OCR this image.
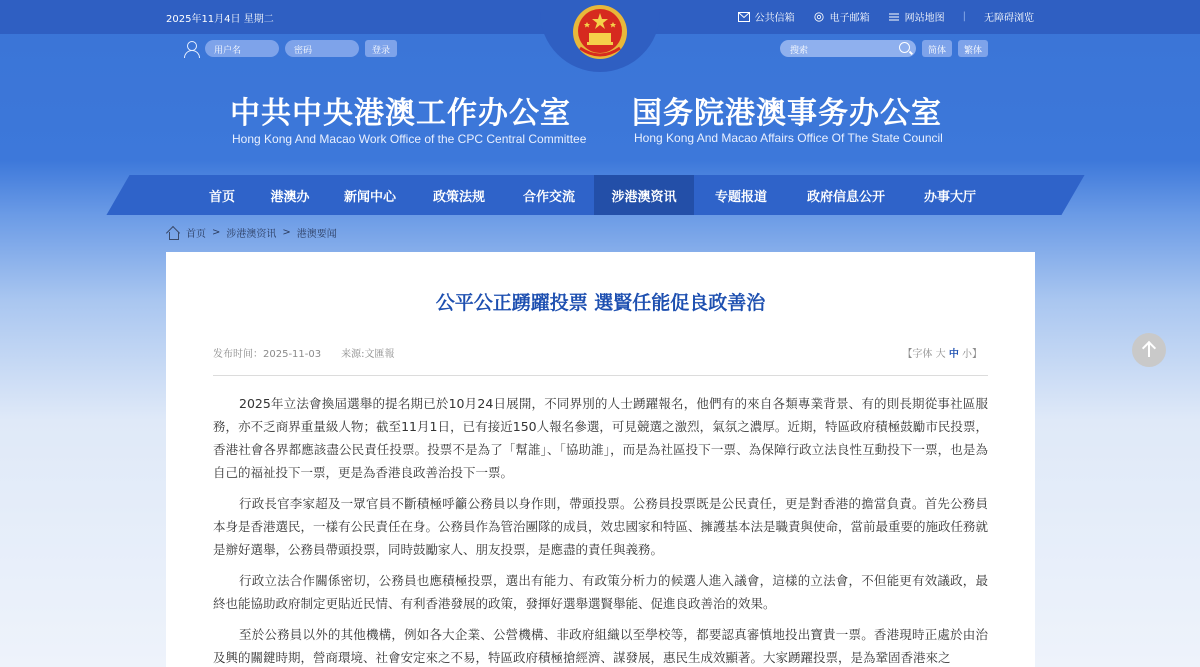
2025年11月4日 星期二	公共信箱	电子邮箱	网站地图 | 无障碍浏览
用户名	密码	登录	搜索	简体	繁体
中共中央港澳工作办公室
Hong Kong And Macao Work Office of the CPC Central Committee
国务院港澳事务办公室
Hong Kong And Macao Affairs Office Of The State Council
首页	港澳办	新闻中心	政策法规	合作交流	涉港澳资讯	专题报道	政府信息公开	办事大厅
首页 > 涉港澳资讯 > 港澳要闻
公平公正踴躍投票 選賢任能促良政善治
发布时间：2025-11-03 来源:文匯報	【字体 大 中 小】

2025年立法會換屆選舉的提名期已於10月24日展開，不同界別的人士踴躍報名，他們有的來自各類專業背景、有的則長期從事社區服務，亦不乏商界重量級人物；截至11月1日，已有接近150人報名參選，可見競選之激烈，氣氛之濃厚。近期，特區政府積極鼓勵市民投票，香港社會各界都應該盡公民責任投票。投票不是為了「幫誰」、「協助誰」，而是為社區投下一票、為保障行政立法良性互動投下一票，也是為自己的福祉投下一票，更是為香港良政善治投下一票。

行政長官李家超及一眾官員不斷積極呼籲公務員以身作則，帶頭投票。公務員投票既是公民責任，更是對香港的擔當負責。首先公務員本身是香港選民，一樣有公民責任在身。公務員作為管治團隊的成員，效忠國家和特區、擁護基本法是職責與使命，當前最重要的施政任務就是辦好選舉，公務員帶頭投票，同時鼓勵家人、朋友投票，是應盡的責任與義務。

行政立法合作關係密切，公務員也應積極投票，選出有能力、有政策分析力的候選人進入議會，這樣的立法會，不但能更有效議政，最終也能協助政府制定更貼近民情、有利香港發展的政策，發揮好選舉選賢舉能、促進良政善治的效果。

至於公務員以外的其他機構，例如各大企業、公營機構、非政府組織以至學校等，都要認真審慎地投出寶貴一票。香港現時正處於由治及興的關鍵時期，營商環境、社會安定來之不易，特區政府積極搶經濟、謀發展，惠民生成效顯著。大家踴躍投票，是為鞏固香港來之
